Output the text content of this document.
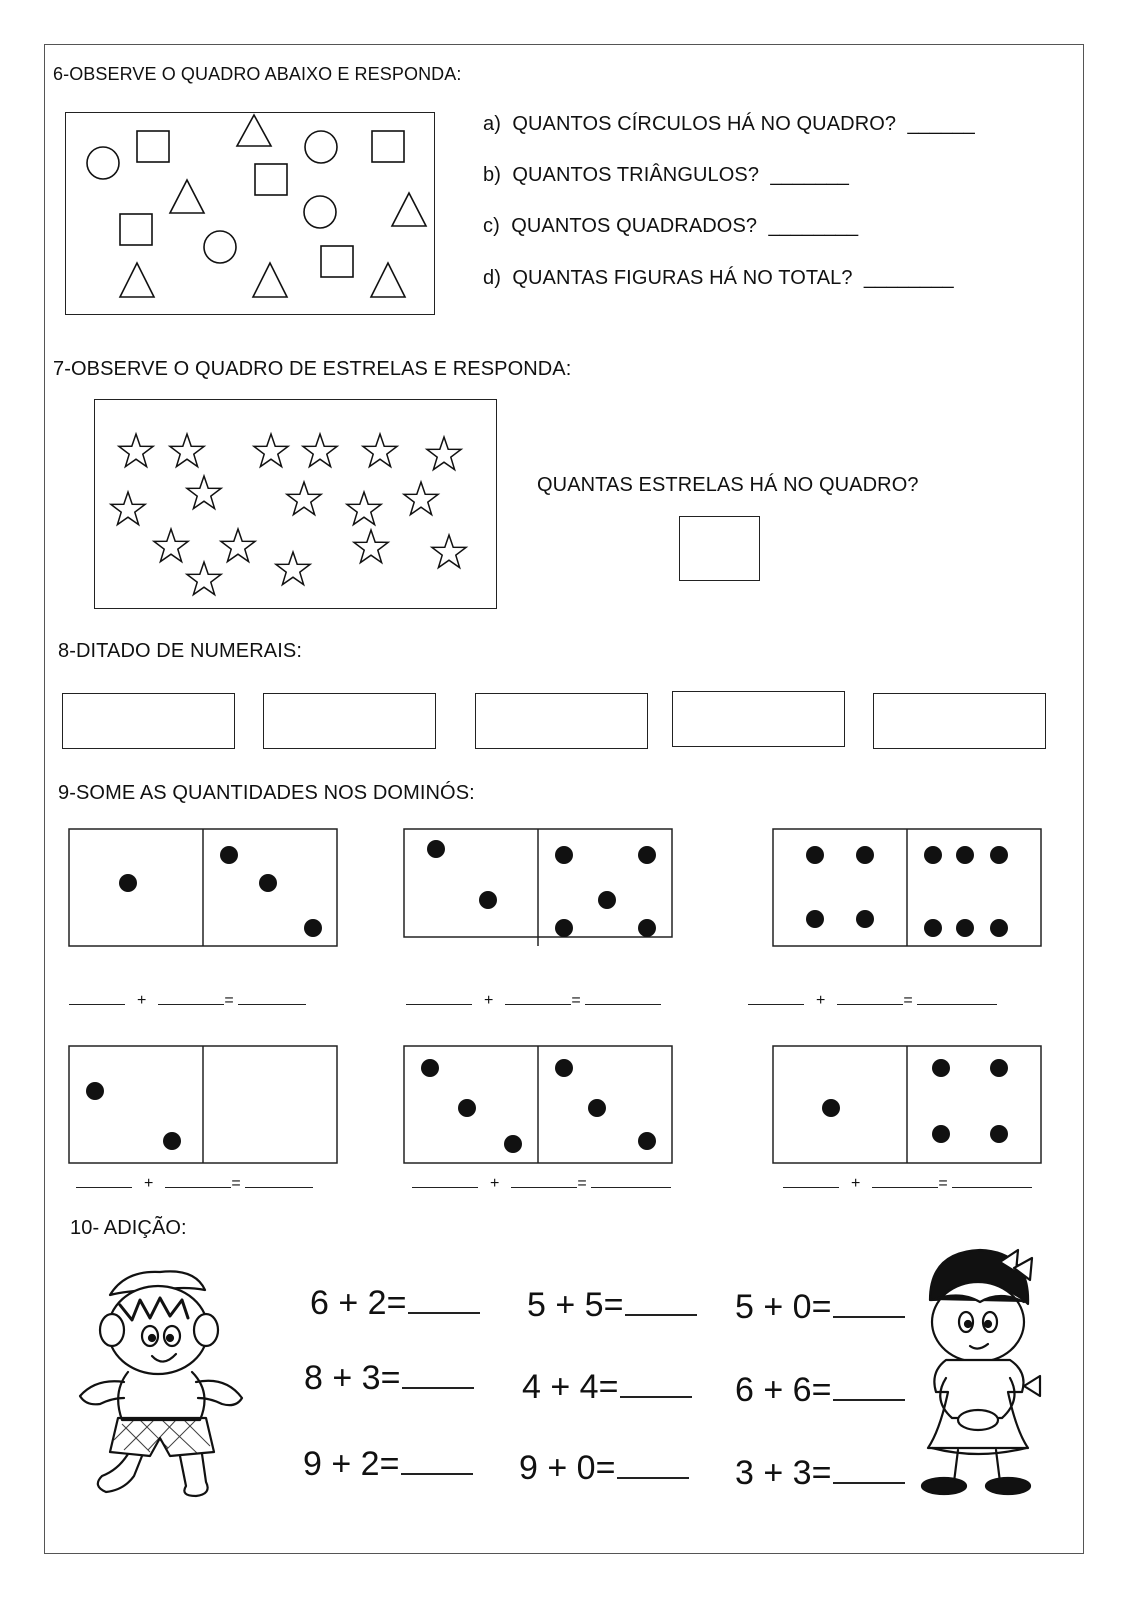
6-OBSERVE O QUADRO ABAIXO E RESPONDA:
a) QUANTOS CÍRCULOS HÁ NO QUADRO? ______
b) QUANTOS TRIÂNGULOS? _______
c) QUANTOS QUADRADOS? ________
d) QUANTAS FIGURAS HÁ NO TOTAL? ________
7-OBSERVE O QUADRO DE ESTRELAS E RESPONDA:
QUANTAS ESTRELAS HÁ NO QUADRO?
8-DITADO DE NUMERAIS:
9-SOME AS QUANTIDADES NOS DOMINÓS:
+	=	+	=	+	=
+	=	+	=	+	=
10- ADIÇÃO:
6 + 2=	5 + 5=	5 + 0=
8 + 3=	4 + 4=	6 + 6=
9 + 2=	9 + 0=	3 + 3=
